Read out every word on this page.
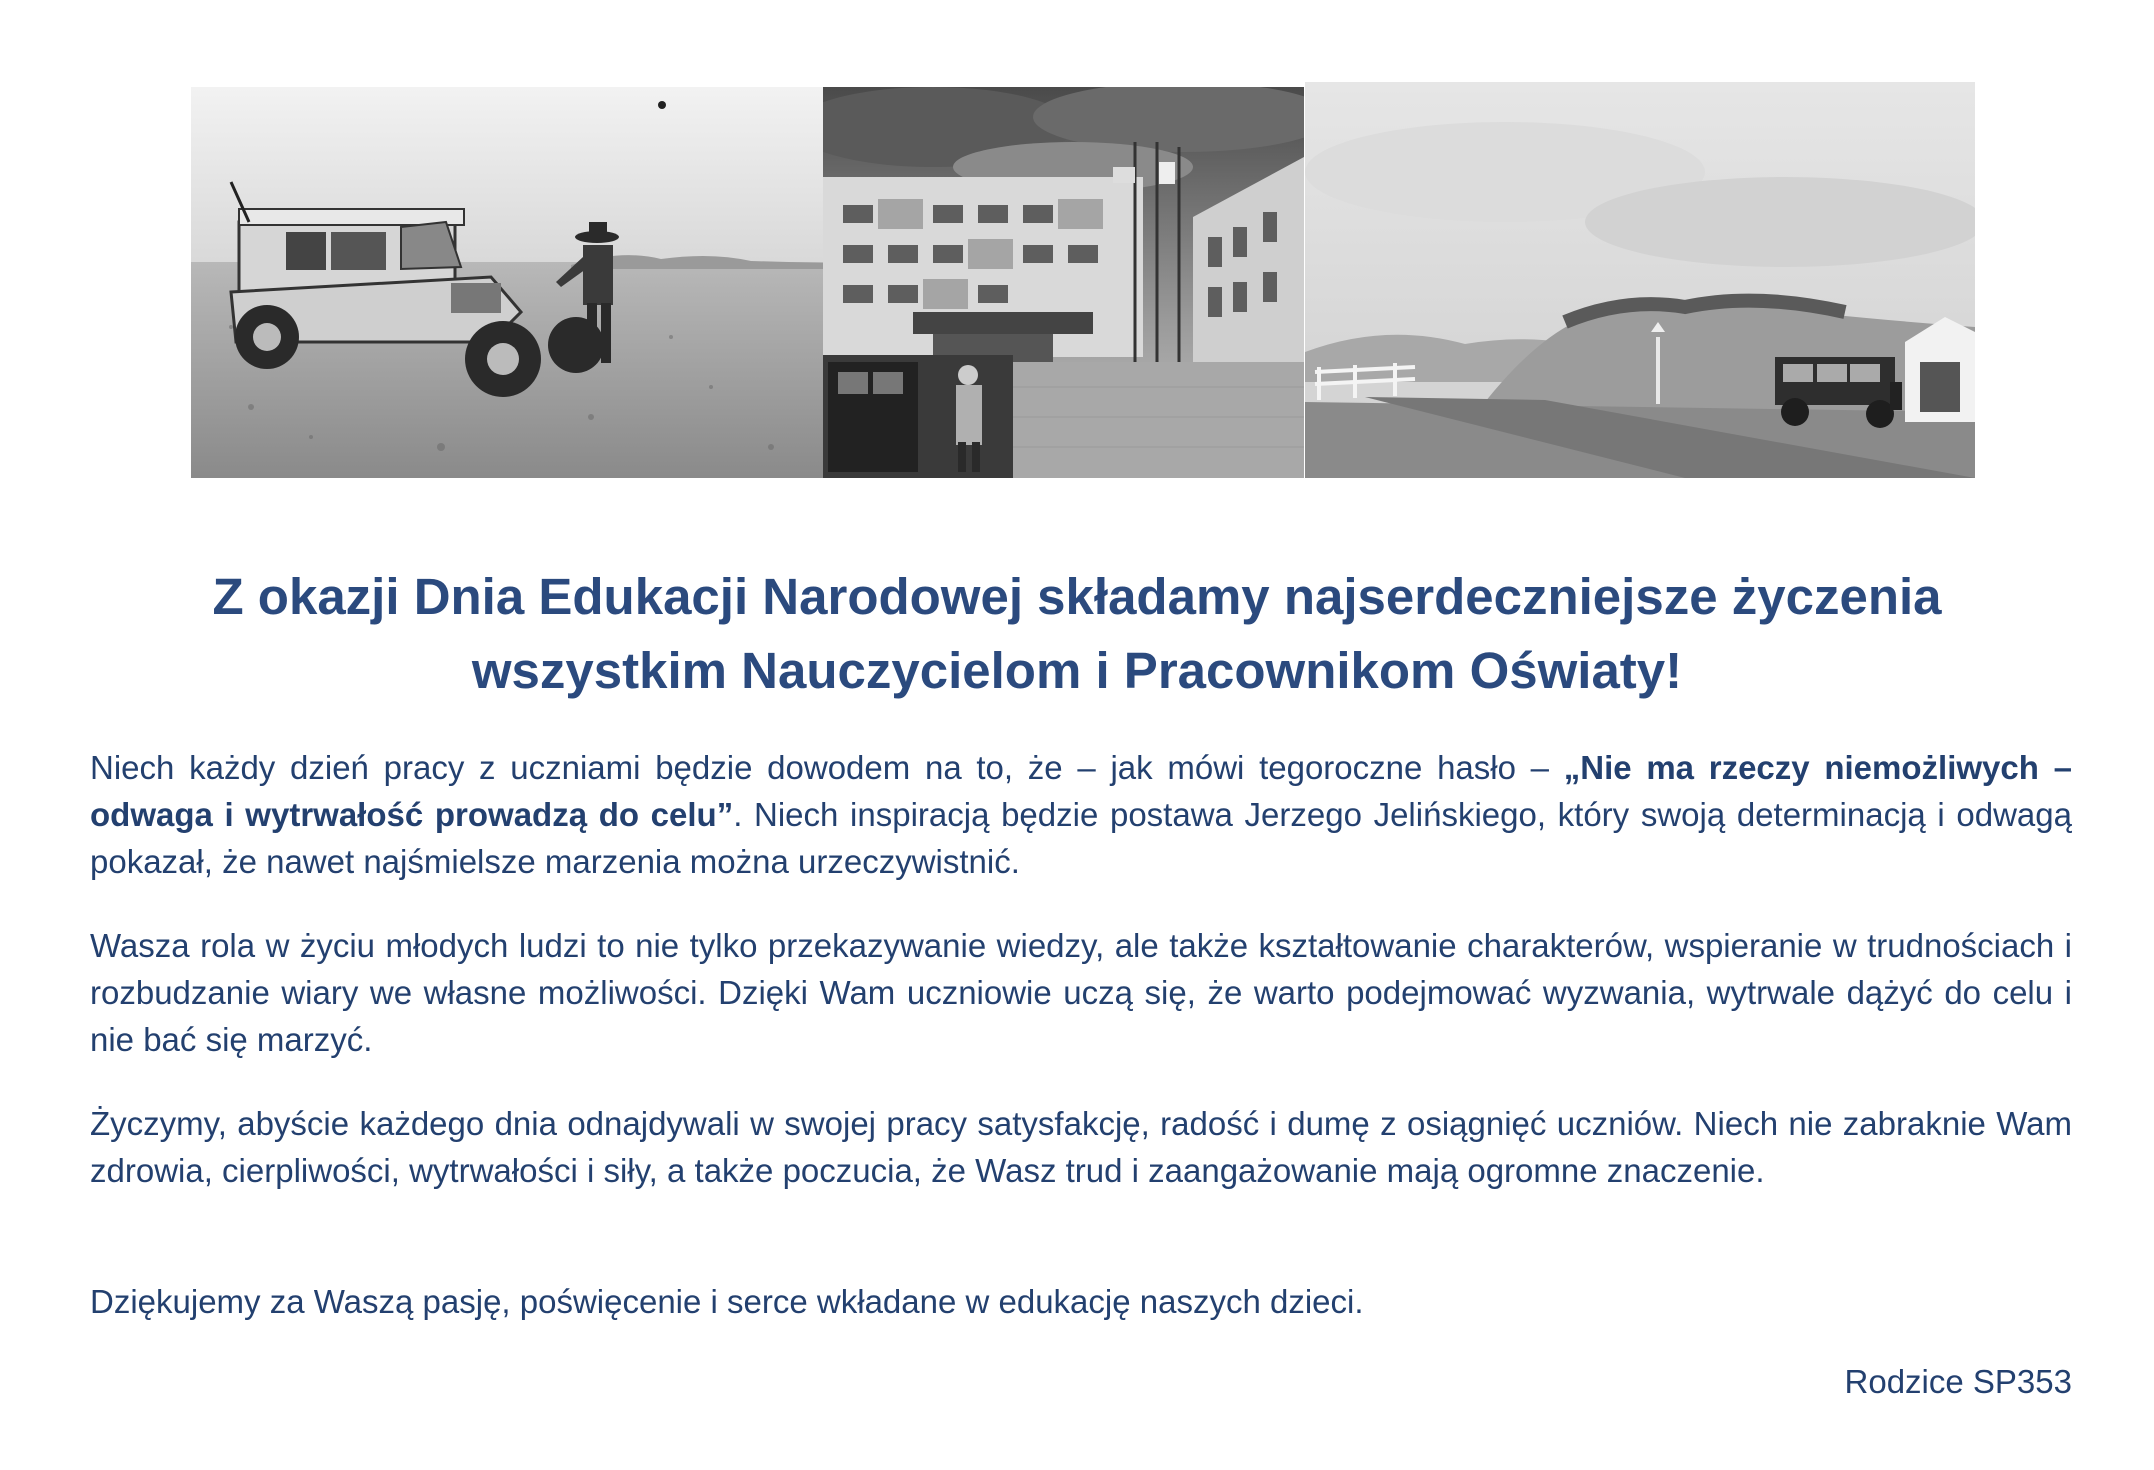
Z okazji Dnia Edukacji Narodowej składamy najserdeczniejsze życzenia
wszystkim Nauczycielom i Pracownikom Oświaty!
Niech każdy dzień pracy z uczniami będzie dowodem na to, że – jak mówi tegoroczne hasło – „Nie ma rzeczy niemożliwych – odwaga i wytrwałość prowadzą do celu”. Niech inspiracją będzie postawa Jerzego Jelińskiego, który swoją determinacją i odwagą pokazał, że nawet najśmielsze marzenia można urzeczywistnić.
Wasza rola w życiu młodych ludzi to nie tylko przekazywanie wiedzy, ale także kształtowanie charakterów, wspieranie w trudnościach i rozbudzanie wiary we własne możliwości. Dzięki Wam uczniowie uczą się, że warto podejmować wyzwania, wytrwale dążyć do celu i nie bać się marzyć.
Życzymy, abyście każdego dnia odnajdywali w swojej pracy satysfakcję, radość i dumę z osiągnięć uczniów. Niech nie zabraknie Wam zdrowia, cierpliwości, wytrwałości i siły, a także poczucia, że Wasz trud i zaangażowanie mają ogromne znaczenie.
Dziękujemy za Waszą pasję, poświęcenie i serce wkładane w edukację naszych dzieci.
Rodzice SP353
